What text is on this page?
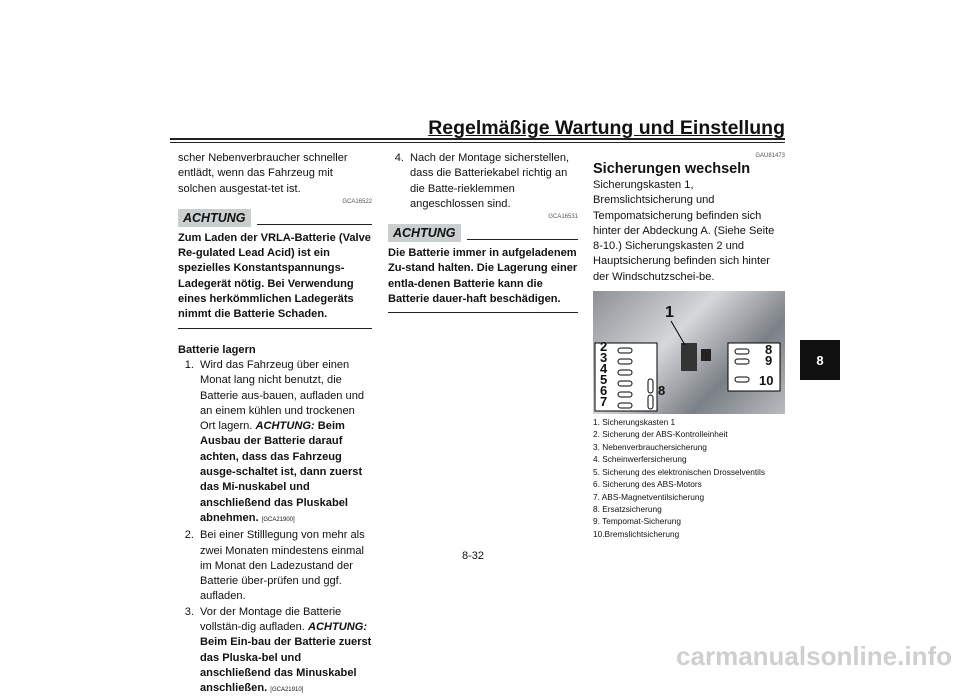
Regelmäßige Wartung und Einstellung
scher Nebenverbraucher schneller entlädt, wenn das Fahrzeug mit solchen ausgestat-tet ist.
GCA16522
ACHTUNG
Zum Laden der VRLA-Batterie (Valve Re-gulated Lead Acid) ist ein spezielles Konstantspannungs-Ladegerät nötig. Bei Verwendung eines herkömmlichen Ladegeräts nimmt die Batterie Schaden.
Batterie lagern
1. Wird das Fahrzeug über einen Monat lang nicht benutzt, die Batterie aus-bauen, aufladen und an einem kühlen und trockenen Ort lagern. ACHTUNG: Beim Ausbau der Batterie darauf achten, dass das Fahrzeug ausge-schaltet ist, dann zuerst das Mi-nuskabel und anschließend das Pluskabel abnehmen. [GCA21900]
2. Bei einer Stilllegung von mehr als zwei Monaten mindestens einmal im Monat den Ladezustand der Batterie über-prüfen und ggf. aufladen.
3. Vor der Montage die Batterie vollstän-dig aufladen. ACHTUNG: Beim Ein-bau der Batterie zuerst das Pluska-bel und anschließend das Minuskabel anschließen. [GCA21910]
4. Nach der Montage sicherstellen, dass die Batteriekabel richtig an die Batte-rieklemmen angeschlossen sind.
GCA16531
ACHTUNG
Die Batterie immer in aufgeladenem Zu-stand halten. Die Lagerung einer entla-denen Batterie kann die Batterie dauer-haft beschädigen.
GAU81473
Sicherungen wechseln
Sicherungskasten 1, Bremslichtsicherung und Tempomatsicherung befinden sich hinter der Abdeckung A. (Siehe Seite 8-10.) Sicherungskasten 2 und Hauptsicherung befinden sich hinter der Windschutzschei-be.
1
2
3
4
5
6
7
8
8
9
10
1. Sicherungskasten 1
2. Sicherung der ABS-Kontrolleinheit
3. Nebenverbrauchersicherung
4. Scheinwerfersicherung
5. Sicherung des elektronischen Drosselventils
6. Sicherung des ABS-Motors
7. ABS-Magnetventilsicherung
8. Ersatzsicherung
9. Tempomat-Sicherung
10.Bremslichtsicherung
8
8-32
carmanualsonline.info
